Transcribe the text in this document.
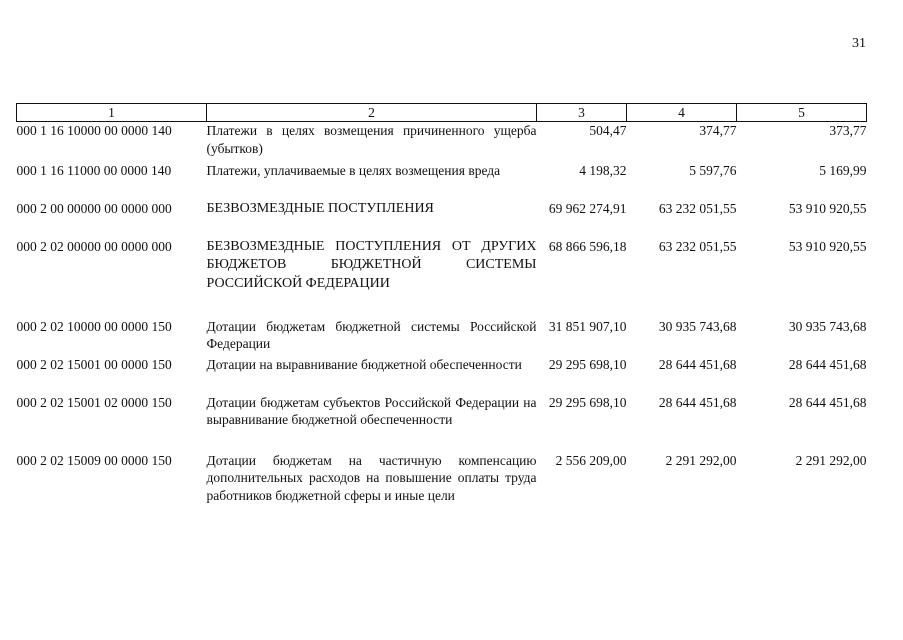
31
1	2	3	4	5
000 1 16 10000 00 0000 140	Платежи в целях возмещения причиненного ущерба (убытков)	504,47	374,77	373,77
000 1 16 11000 00 0000 140	Платежи, уплачиваемые в целях возмещения вреда	4 198,32	5 597,76	5 169,99
000 2 00 00000 00 0000 000	БЕЗВОЗМЕЗДНЫЕ ПОСТУПЛЕНИЯ	69 962 274,91	63 232 051,55	53 910 920,55
000 2 02 00000 00 0000 000	БЕЗВОЗМЕЗДНЫЕ ПОСТУПЛЕНИЯ ОТ ДРУГИХ БЮДЖЕТОВ БЮДЖЕТНОЙ СИСТЕМЫ РОССИЙСКОЙ ФЕДЕРАЦИИ	68 866 596,18	63 232 051,55	53 910 920,55
000 2 02 10000 00 0000 150	Дотации бюджетам бюджетной системы Российской Федерации	31 851 907,10	30 935 743,68	30 935 743,68
000 2 02 15001 00 0000 150	Дотации на выравнивание бюджетной обеспеченности	29 295 698,10	28 644 451,68	28 644 451,68
000 2 02 15001 02 0000 150	Дотации бюджетам субъектов Российской Федерации на выравнивание бюджетной обеспеченности	29 295 698,10	28 644 451,68	28 644 451,68
000 2 02 15009 00 0000 150	Дотации бюджетам на частичную компенсацию дополнительных расходов на повышение оплаты труда работников бюджетной сферы и иные цели	2 556 209,00	2 291 292,00	2 291 292,00
